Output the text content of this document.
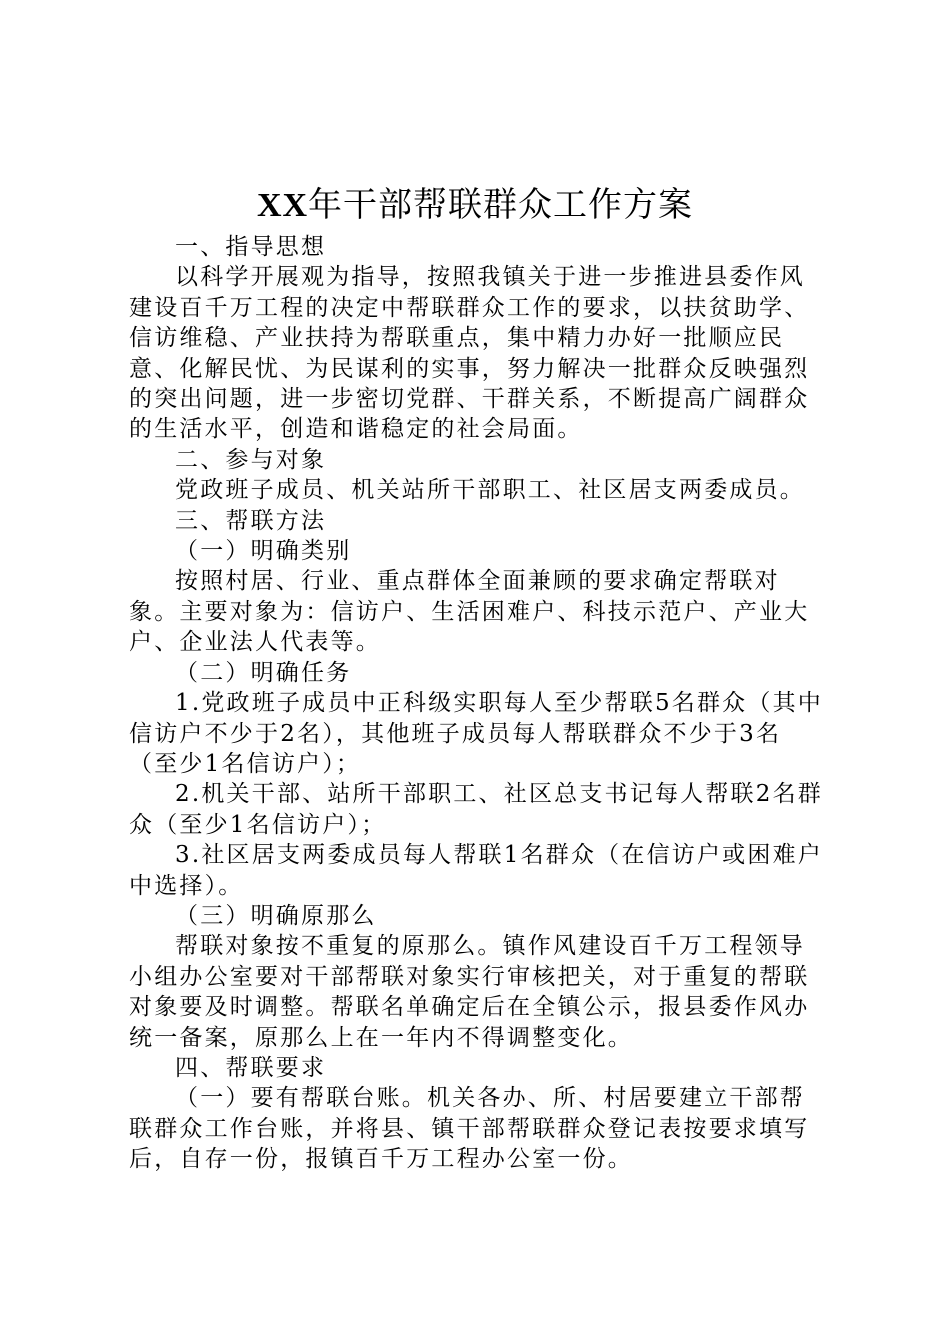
XX年干部帮联群众工作方案

一、指导思想

以科学开展观为指导，按照我镇关于进一步推进县委作风建设百千万工程的决定中帮联群众工作的要求，以扶贫助学、信访维稳、产业扶持为帮联重点，集中精力办好一批顺应民意、化解民忧、为民谋利的实事，努力解决一批群众反映强烈的突出问题，进一步密切党群、干群关系，不断提高广阔群众的生活水平，创造和谐稳定的社会局面。

二、参与对象

党政班子成员、机关站所干部职工、社区居支两委成员。

三、帮联方法

（一）明确类别

按照村居、行业、重点群体全面兼顾的要求确定帮联对象。主要对象为：信访户、生活困难户、科技示范户、产业大户、企业法人代表等。

（二）明确任务

1.党政班子成员中正科级实职每人至少帮联5名群众（其中信访户不少于2名），其他班子成员每人帮联群众不少于3名（至少1名信访户）；

2.机关干部、站所干部职工、社区总支书记每人帮联2名群众（至少1名信访户）；

3.社区居支两委成员每人帮联1名群众（在信访户或困难户中选择）。

（三）明确原那么

帮联对象按不重复的原那么。镇作风建设百千万工程领导小组办公室要对干部帮联对象实行审核把关，对于重复的帮联对象要及时调整。帮联名单确定后在全镇公示，报县委作风办统一备案，原那么上在一年内不得调整变化。

四、帮联要求

（一）要有帮联台账。机关各办、所、村居要建立干部帮联群众工作台账，并将县、镇干部帮联群众登记表按要求填写后，自存一份，报镇百千万工程办公室一份。
